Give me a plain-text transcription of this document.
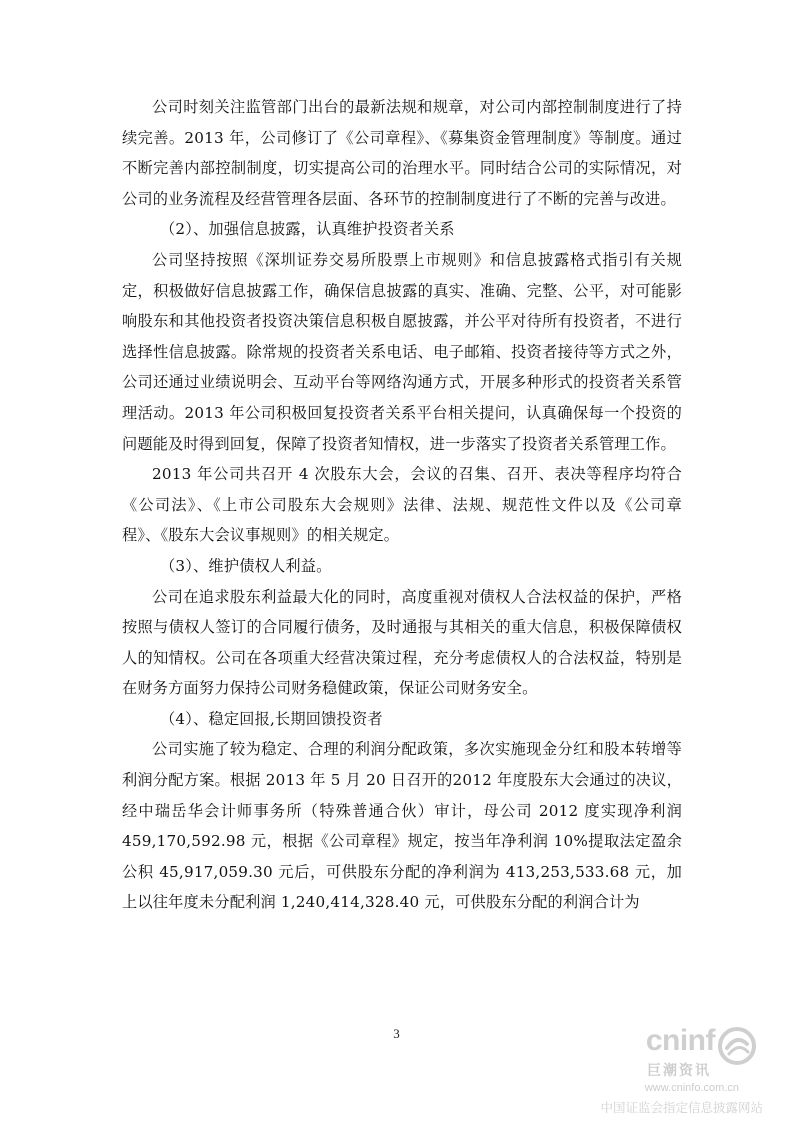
公司时刻关注监管部门出台的最新法规和规章，对公司内部控制制度进行了持续完善。2013 年，公司修订了《公司章程》、《募集资金管理制度》等制度。通过不断完善内部控制制度，切实提高公司的治理水平。同时结合公司的实际情况，对公司的业务流程及经营管理各层面、各环节的控制制度进行了不断的完善与改进。

（2）、加强信息披露，认真维护投资者关系

公司坚持按照《深圳证券交易所股票上市规则》和信息披露格式指引有关规定，积极做好信息披露工作，确保信息披露的真实、准确、完整、公平，对可能影响股东和其他投资者投资决策信息积极自愿披露，并公平对待所有投资者，不进行选择性信息披露。除常规的投资者关系电话、电子邮箱、投资者接待等方式之外，公司还通过业绩说明会、互动平台等网络沟通方式，开展多种形式的投资者关系管理活动。2013 年公司积极回复投资者关系平台相关提问，认真确保每一个投资的问题能及时得到回复，保障了投资者知情权，进一步落实了投资者关系管理工作。

2013 年公司共召开 4 次股东大会，会议的召集、召开、表决等程序均符合《公司法》、《上市公司股东大会规则》法律、法规、规范性文件以及《公司章程》、《股东大会议事规则》的相关规定。

（3）、维护债权人利益。

公司在追求股东利益最大化的同时，高度重视对债权人合法权益的保护，严格按照与债权人签订的合同履行债务，及时通报与其相关的重大信息，积极保障债权人的知情权。公司在各项重大经营决策过程，充分考虑债权人的合法权益，特别是在财务方面努力保持公司财务稳健政策，保证公司财务安全。

（4）、稳定回报,长期回馈投资者

公司实施了较为稳定、合理的利润分配政策，多次实施现金分红和股本转增等利润分配方案。根据 2013 年 5 月 20 日召开的2012 年度股东大会通过的决议，经中瑞岳华会计师事务所（特殊普通合伙）审计，母公司 2012 度实现净利润459,170,592.98 元，根据《公司章程》规定，按当年净利润 10%提取法定盈余公积 45,917,059.30 元后，可供股东分配的净利润为 413,253,533.68 元，加上以往年度未分配利润 1,240,414,328.40 元，可供股东分配的利润合计为

3	cninf
巨潮资讯
www.cninfo.com.cn
中国证监会指定信息披露网站
